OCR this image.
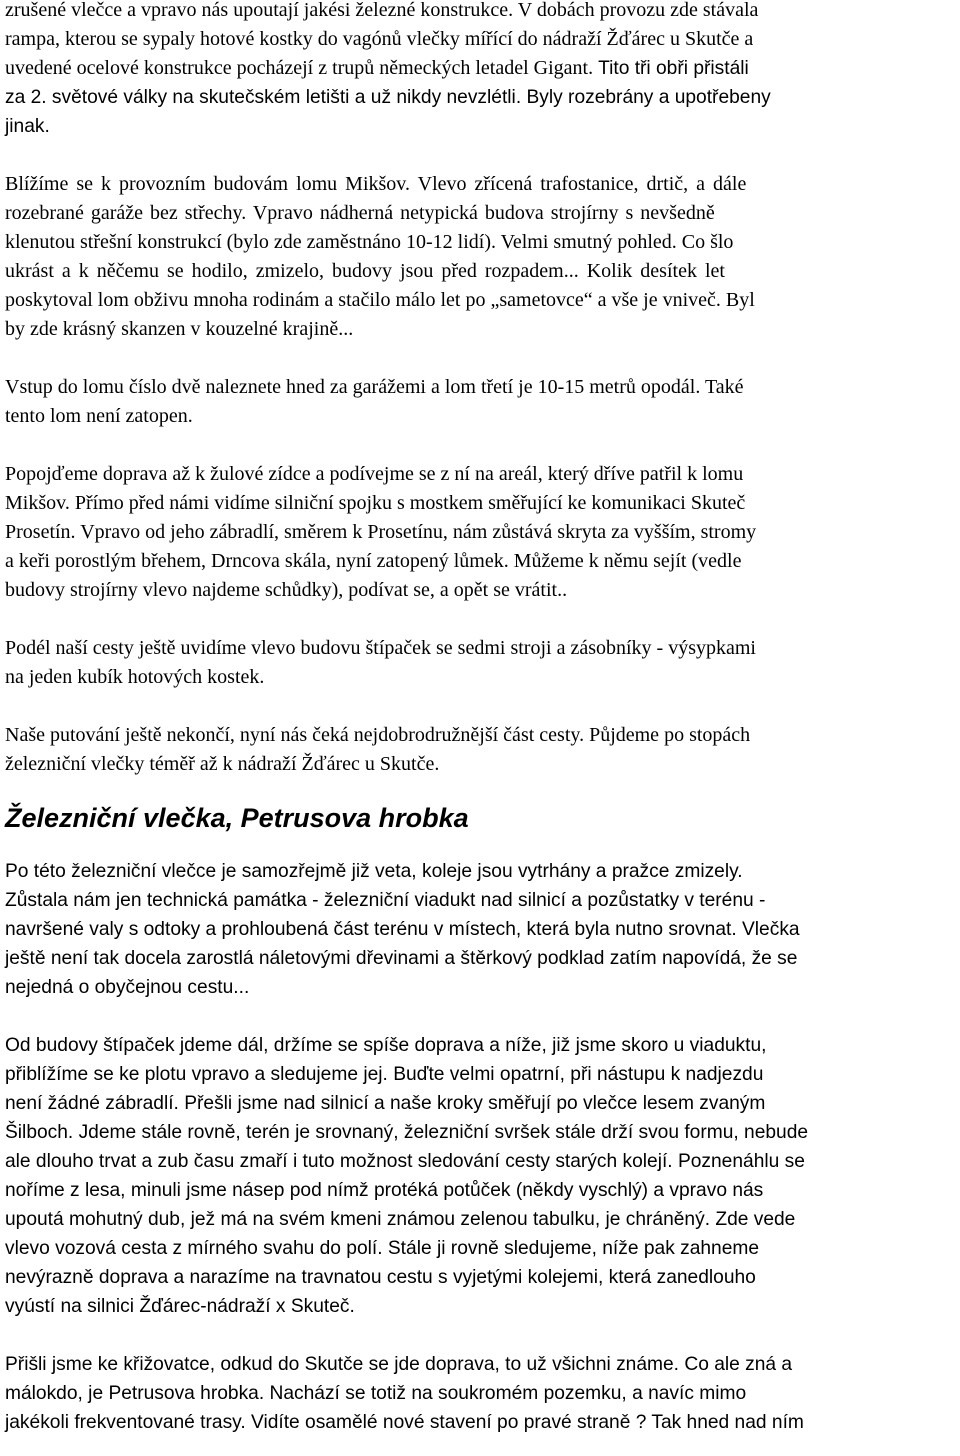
zrušené vlečce a vpravo nás upoutají jakési železné konstrukce. V dobách provozu zde stávala
rampa, kterou se sypaly hotové kostky do vagónů vlečky mířící do nádraží Žďárec u Skutče a
uvedené ocelové konstrukce pocházejí z trupů německých letadel Gigant. Tito tři obři přistáli
za 2. světové války na skutečském letišti a už nikdy nevzlétli. Byly rozebrány a upotřebeny
jinak.

Blížíme se k provozním budovám lomu Mikšov. Vlevo zřícená trafostanice, drtič, a dále
rozebrané garáže bez střechy. Vpravo nádherná netypická budova strojírny s nevšedně
klenutou střešní konstrukcí (bylo zde zaměstnáno 10-12 lidí). Velmi smutný pohled. Co šlo
ukrást a k něčemu se hodilo, zmizelo, budovy jsou před rozpadem... Kolik desítek let
poskytoval lom obživu mnoha rodinám a stačilo málo let po „sametovce“ a vše je vniveč. Byl
by zde krásný skanzen v kouzelné krajině...

Vstup do lomu číslo dvě naleznete hned za garážemi a lom třetí je 10-15 metrů opodál. Také
tento lom není zatopen.

Popojďeme doprava až k žulové zídce a podívejme se z ní na areál, který dříve patřil k lomu
Mikšov. Přímo před námi vidíme silniční spojku s mostkem směřující ke komunikaci Skuteč
Prosetín. Vpravo od jeho zábradlí, směrem k Prosetínu, nám zůstává skryta za vyšším, stromy
a keři porostlým břehem, Drncova skála, nyní zatopený lůmek. Můžeme k němu sejít (vedle
budovy strojírny vlevo najdeme schůdky), podívat se, a opět se vrátit..

Podél naší cesty ještě uvidíme vlevo budovu štípaček se sedmi stroji a zásobníky - výsypkami
na jeden kubík hotových kostek.

Naše putování ještě nekončí, nyní nás čeká nejdobrodružnější část cesty. Půjdeme po stopách
železniční vlečky téměř až k nádraží Žďárec u Skutče.

Železniční vlečka, Petrusova hrobka

Po této železniční vlečce je samozřejmě již veta, koleje jsou vytrhány a pražce zmizely.
Zůstala nám jen technická památka - železniční viadukt nad silnicí a pozůstatky v terénu -
navršené valy s odtoky a prohloubená část terénu v místech, která byla nutno srovnat. Vlečka
ještě není tak docela zarostlá náletovými dřevinami a štěrkový podklad zatím napovídá, že se
nejedná o obyčejnou cestu...

Od budovy štípaček jdeme dál, držíme se spíše doprava a níže, již jsme skoro u viaduktu,
přiblížíme se ke plotu vpravo a sledujeme jej. Buďte velmi opatrní, při nástupu k nadjezdu
není žádné zábradlí. Přešli jsme nad silnicí a naše kroky směřují po vlečce lesem zvaným
Šilboch. Jdeme stále rovně, terén je srovnaný, železniční svršek stále drží svou formu, nebude
ale dlouho trvat a zub času zmaří i tuto možnost sledování cesty starých kolejí. Poznenáhlu se
noříme z lesa, minuli jsme násep pod nímž protéká potůček (někdy vyschlý) a vpravo nás
upoutá mohutný dub, jež má na svém kmeni známou zelenou tabulku, je chráněný. Zde vede
vlevo vozová cesta z mírného svahu do polí. Stále ji rovně sledujeme, níže pak zahneme
nevýrazně doprava a narazíme na travnatou cestu s vyjetými kolejemi, která zanedlouho
vyústí na silnici Žďárec-nádraží x Skuteč.

Přišli jsme ke křižovatce, odkud do Skutče se jde doprava, to už všichni známe. Co ale zná a
málokdo, je Petrusova hrobka. Nachází se totiž na soukromém pozemku, a navíc mimo
jakékoli frekventované trasy. Vidíte osamělé nové stavení po pravé straně ? Tak hned nad ním
